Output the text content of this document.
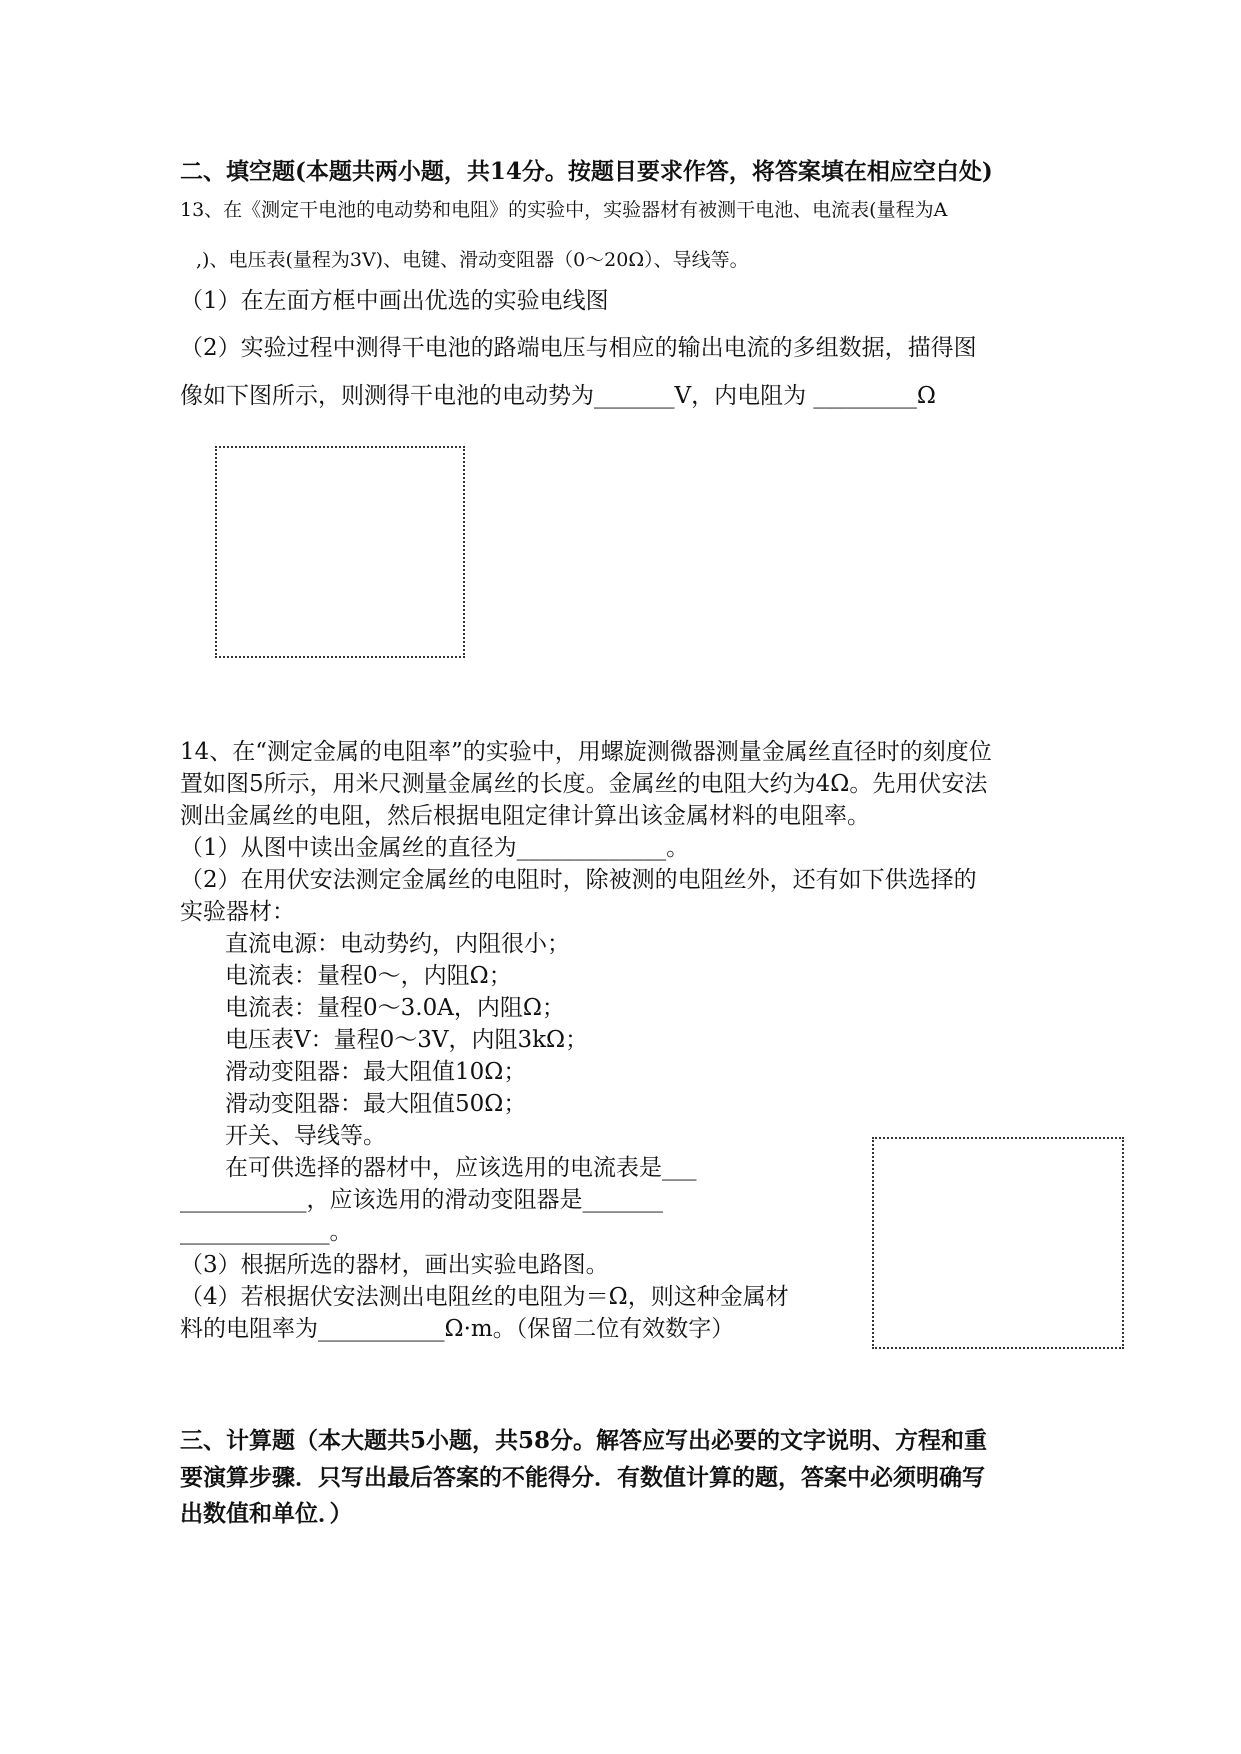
二、填空题(本题共两小题，共14分。按题目要求作答，将答案填在相应空白处)
13、在《测定干电池的电动势和电阻》的实验中，实验器材有被测干电池、电流表(量程为A
,)、电压表(量程为3V)、电键、滑动变阻器（0～20Ω）、导线等。
（1）在左面方框中画出优选的实验电线图
（2）实验过程中测得干电池的路端电压与相应的输出电流的多组数据，描得图
像如下图所示，则测得干电池的电动势为_______V，内电阻为 _________Ω
14、在“测定金属的电阻率”的实验中，用螺旋测微器测量金属丝直径时的刻度位
置如图5所示，用米尺测量金属丝的长度。金属丝的电阻大约为4Ω。先用伏安法
测出金属丝的电阻，然后根据电阻定律计算出该金属材料的电阻率。
（1）从图中读出金属丝的直径为_____________。
（2）在用伏安法测定金属丝的电阻时，除被测的电阻丝外，还有如下供选择的
实验器材：
直流电源：电动势约，内阻很小；
电流表：量程0～，内阻Ω；
电流表：量程0～3.0A，内阻Ω；
电压表V：量程0～3V，内阻3kΩ；
滑动变阻器：最大阻值10Ω；
滑动变阻器：最大阻值50Ω；
开关、导线等。
在可供选择的器材中，应该选用的电流表是___
___________，应该选用的滑动变阻器是_______
_____________。
（3）根据所选的器材，画出实验电路图。
（4）若根据伏安法测出电阻丝的电阻为＝Ω，则这种金属材
料的电阻率为___________Ω·m。（保留二位有效数字）
三、计算题（本大题共5小题，共58分。解答应写出必要的文字说明、方程和重
要演算步骤．只写出最后答案的不能得分．有数值计算的题，答案中必须明确写
出数值和单位．）
